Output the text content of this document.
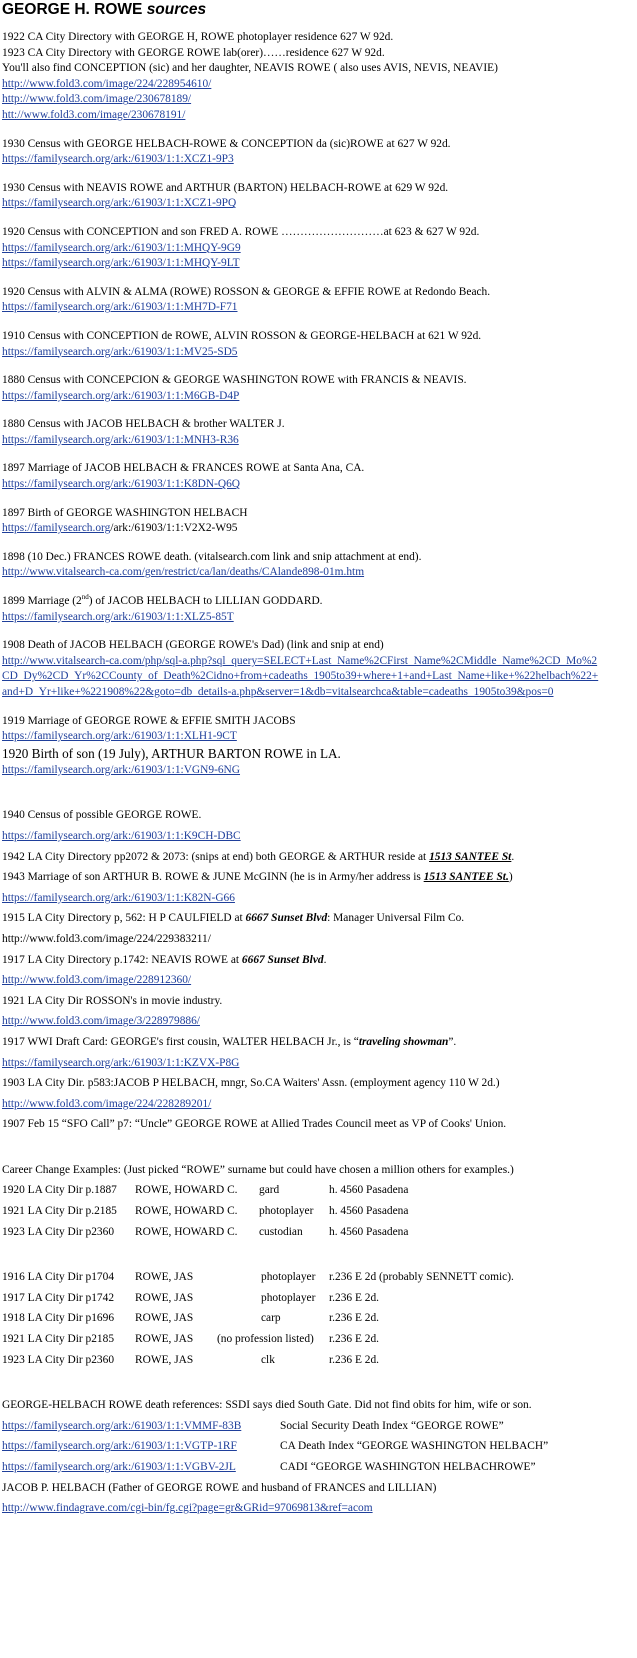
GEORGE H. ROWE sources
1922 CA City Directory with GEORGE H, ROWE photoplayer residence 627 W 92d.
1923 CA City Directory with GEORGE ROWE lab(orer)……residence 627 W 92d.
You'll also find CONCEPTION (sic) and her daughter, NEAVIS ROWE ( also uses AVIS, NEVIS, NEAVIE)
http://www.fold3.com/image/224/228954610/
http://www.fold3.com/image/230678189/
htt://www.fold3.com/image/230678191/
1930 Census with GEORGE HELBACH-ROWE & CONCEPTION da (sic)ROWE at 627 W 92d.
https://familysearch.org/ark:/61903/1:1:XCZ1-9P3
1930 Census with NEAVIS ROWE and ARTHUR (BARTON) HELBACH-ROWE at 629 W 92d.
https://familysearch.org/ark:/61903/1:1:XCZ1-9PQ
1920 Census with CONCEPTION and son FRED A. ROWE ………………………at 623 & 627 W 92d.
https://familysearch.org/ark:/61903/1:1:MHQY-9G9
https://familysearch.org/ark:/61903/1:1:MHQY-9LT
1920 Census with ALVIN & ALMA (ROWE) ROSSON & GEORGE & EFFIE ROWE at Redondo Beach.
https://familysearch.org/ark:/61903/1:1:MH7D-F71
1910 Census with CONCEPTION de ROWE, ALVIN ROSSON & GEORGE-HELBACH at 621 W 92d.
https://familysearch.org/ark:/61903/1:1:MV25-SD5
1880 Census with CONCEPCION & GEORGE WASHINGTON ROWE with FRANCIS & NEAVIS.
https://familysearch.org/ark:/61903/1:1:M6GB-D4P
1880 Census with JACOB HELBACH & brother WALTER J.
https://familysearch.org/ark:/61903/1:1:MNH3-R36
1897 Marriage of JACOB HELBACH & FRANCES ROWE at Santa Ana, CA.
https://familysearch.org/ark:/61903/1:1:K8DN-Q6Q
1897 Birth of GEORGE WASHINGTON HELBACH
https://familysearch.org/ark:/61903/1:1:V2X2-W95
1898 (10 Dec.) FRANCES ROWE death. (vitalsearch.com link and snip attachment at end).
http://www.vitalsearch-ca.com/gen/restrict/ca/lan/deaths/CAlande898-01m.htm
1899 Marriage (2nd) of JACOB HELBACH to LILLIAN GODDARD.
https://familysearch.org/ark:/61903/1:1:XLZ5-85T
1908 Death of JACOB HELBACH (GEORGE ROWE's Dad) (link and snip at end)
http://www.vitalsearch-ca.com/php/sql-a.php?sql_query=SELECT+Last_Name%2CFirst_Name%2CMiddle_Name%2CD_Mo%2CD_Dy%2CD_Yr%2CCounty_of_Death%2Cidno+from+cadeaths_1905to39+where+1+and+Last_Name+like+%22helbach%22+and+D_Yr+like+%221908%22&goto=db_details-a.php&server=1&db=vitalsearchca&table=cadeaths_1905to39&pos=0
1919 Marriage of GEORGE ROWE & EFFIE SMITH JACOBS
https://familysearch.org/ark:/61903/1:1:XLH1-9CT
1920 Birth of son (19 July), ARTHUR BARTON ROWE in LA.
https://familysearch.org/ark:/61903/1:1:VGN9-6NG
1940 Census of possible GEORGE ROWE.
https://familysearch.org/ark:/61903/1:1:K9CH-DBC
1942 LA City Directory pp2072 & 2073: (snips at end) both GEORGE & ARTHUR reside at 1513 SANTEE St.
1943 Marriage of son ARTHUR B. ROWE & JUNE McGINN (he is in Army/her address is 1513 SANTEE St.)
https://familysearch.org/ark:/61903/1:1:K82N-G66
1915 LA City Directory p, 562: H P CAULFIELD at 6667 Sunset Blvd: Manager Universal Film Co.
http://www.fold3.com/image/224/229383211/
1917 LA City Directory p.1742: NEAVIS ROWE at 6667 Sunset Blvd.
http://www.fold3.com/image/228912360/
1921 LA City Dir ROSSON's in movie industry.
http://www.fold3.com/image/3/228979886/
1917 WWI Draft Card: GEORGE's first cousin, WALTER HELBACH Jr., is “traveling showman”.
https://familysearch.org/ark:/61903/1:1:KZVX-P8G
1903 LA City Dir. p583:JACOB P HELBACH, mngr, So.CA Waiters' Assn. (employment agency 110 W 2d.)
http://www.fold3.com/image/224/228289201/
1907 Feb 15 “SFO Call” p7: “Uncle” GEORGE ROWE at Allied Trades Council meet as VP of Cooks' Union.
Career Change Examples: (Just picked “ROWE” surname but could have chosen a million others for examples.)
1920 LA City Dir p.1887	ROWE, HOWARD C.	gard	h. 4560 Pasadena
1921 LA City Dir p.2185	ROWE, HOWARD C.	photoplayer	h. 4560 Pasadena
1923 LA City Dir p2360	ROWE, HOWARD C.	custodian	h. 4560 Pasadena
1916 LA City Dir p1704	ROWE, JAS	photoplayer	r.236 E 2d (probably SENNETT comic).
1917 LA City Dir p1742	ROWE, JAS	photoplayer	r.236 E 2d.
1918 LA City Dir p1696	ROWE, JAS	carp	r.236 E 2d.
1921 LA City Dir p2185	ROWE, JAS	(no profession listed)	r.236 E 2d.
1923 LA City Dir p2360	ROWE, JAS	clk	r.236 E 2d.
GEORGE-HELBACH ROWE death references: SSDI says died South Gate. Did not find obits for him, wife or son.
https://familysearch.org/ark:/61903/1:1:VMMF-83B	Social Security Death Index “GEORGE ROWE”
https://familysearch.org/ark:/61903/1:1:VGTP-1RF	CA Death Index “GEORGE WASHINGTON HELBACH”
https://familysearch.org/ark:/61903/1:1:VGBV-2JL	CADI “GEORGE WASHINGTON HELBACHROWE”
JACOB P. HELBACH (Father of GEORGE ROWE and husband of FRANCES and LILLIAN)
http://www.findagrave.com/cgi-bin/fg.cgi?page=gr&GRid=97069813&ref=acom
